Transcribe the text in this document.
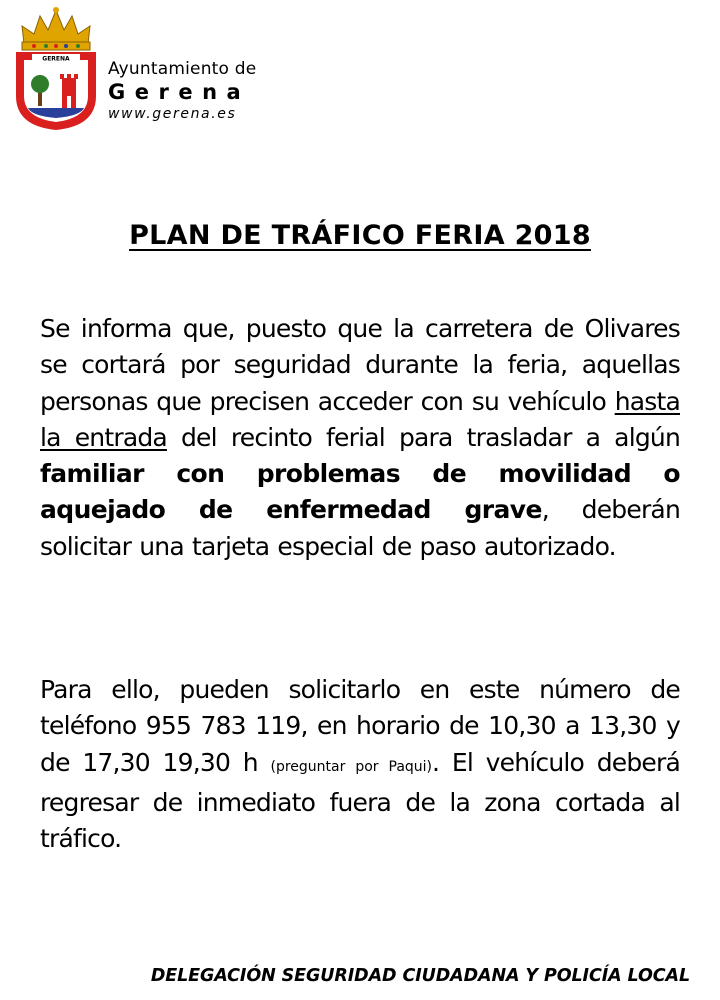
GERENA Ayuntamiento de
Gerena
www.gerena.es
PLAN DE TRÁFICO FERIA 2018
Se informa que, puesto que la carretera de Olivares se cortará por seguridad durante la feria, aquellas personas que precisen acceder con su vehículo hasta la entrada del recinto ferial para trasladar a algún familiar con problemas de movilidad o aquejado de enfermedad grave, deberán solicitar una tarjeta especial de paso autorizado.
Para ello, pueden solicitarlo en este número de teléfono 955 783 119, en horario de 10,30 a 13,30 y de 17,30 19,30 h (preguntar por Paqui). El vehículo deberá regresar de inmediato fuera de la zona cortada al tráfico.
DELEGACIÓN SEGURIDAD CIUDADANA Y POLICÍA LOCAL
